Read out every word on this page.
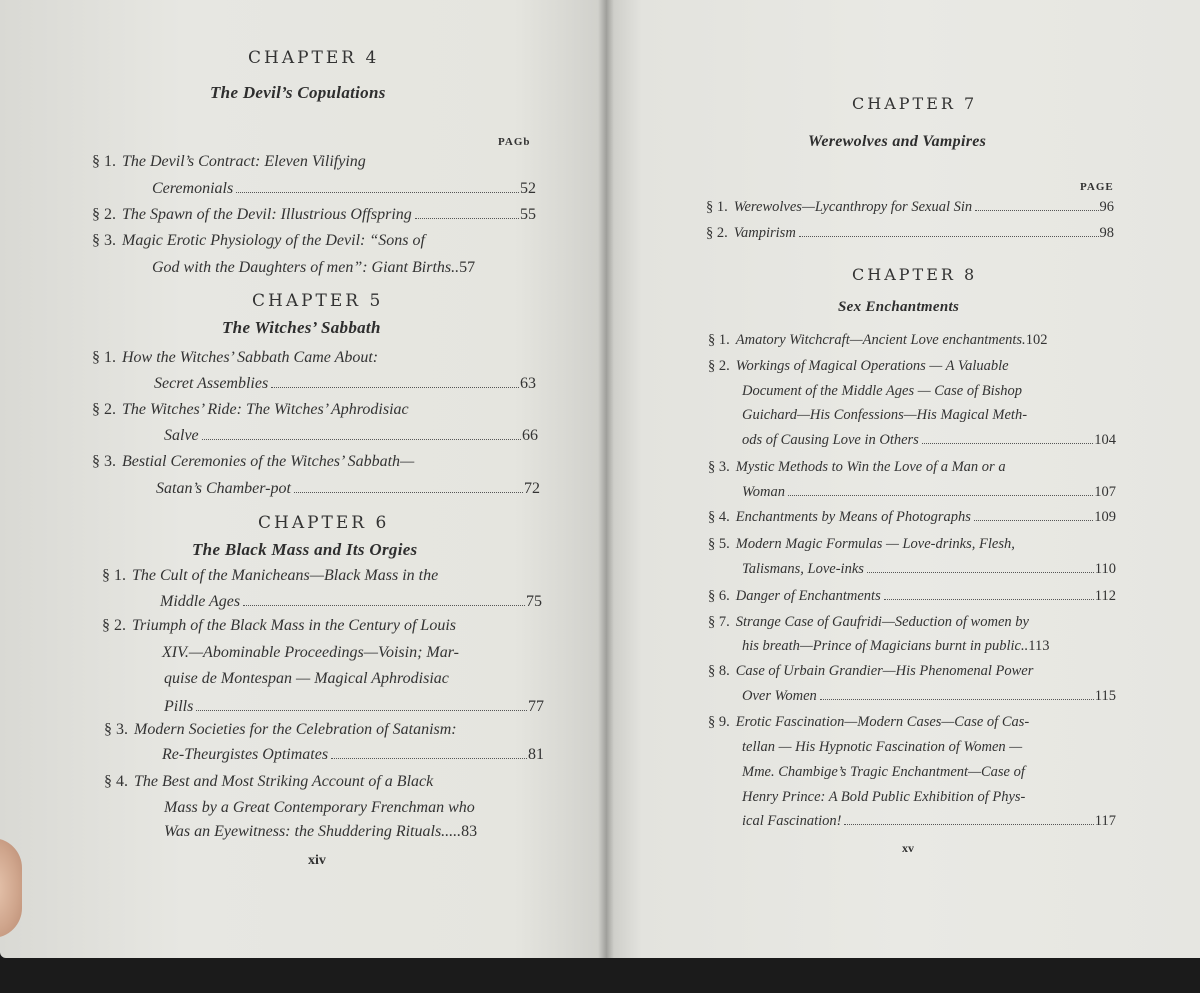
CHAPTER 4
The Devil’s Copulations
PAGb
§ 1. The Devil’s Contract: Eleven Vilifying
Ceremonials	52
§ 2. The Spawn of the Devil: Illustrious Offspring	55
§ 3. Magic Erotic Physiology of the Devil: “Sons of
God with the Daughters of men”: Giant Births.. 57
CHAPTER 5
The Witches’ Sabbath
§ 1. How the Witches’ Sabbath Came About:
Secret Assemblies	63
§ 2. The Witches’ Ride: The Witches’ Aphrodisiac
Salve	66
§ 3. Bestial Ceremonies of the Witches’ Sabbath—
Satan’s Chamber-pot	72
CHAPTER 6
The Black Mass and Its Orgies
§ 1. The Cult of the Manicheans—Black Mass in the
Middle Ages	75
§ 2. Triumph of the Black Mass in the Century of Louis
XIV.—Abominable Proceedings—Voisin; Mar-
quise de Montespan — Magical Aphrodisiac
Pills	77
§ 3. Modern Societies for the Celebration of Satanism:
Re-Theurgistes Optimates	81
§ 4. The Best and Most Striking Account of a Black
Mass by a Great Contemporary Frenchman who
Was an Eyewitness: the Shuddering Rituals..... 83
xiv
CHAPTER 7
Werewolves and Vampires
PAGE
§ 1. Werewolves—Lycanthropy for Sexual Sin	96
§ 2. Vampirism	98
CHAPTER 8
Sex Enchantments
§ 1. Amatory Witchcraft—Ancient Love enchantments. 102
§ 2. Workings of Magical Operations — A Valuable
Document of the Middle Ages — Case of Bishop
Guichard—His Confessions—His Magical Meth-
ods of Causing Love in Others	104
§ 3. Mystic Methods to Win the Love of a Man or a
Woman	107
§ 4. Enchantments by Means of Photographs	109
§ 5. Modern Magic Formulas — Love-drinks, Flesh,
Talismans, Love-inks	110
§ 6. Danger of Enchantments	112
§ 7. Strange Case of Gaufridi—Seduction of women by
his breath—Prince of Magicians burnt in public.. 113
§ 8. Case of Urbain Grandier—His Phenomenal Power
Over Women	115
§ 9. Erotic Fascination—Modern Cases—Case of Cas-
tellan — His Hypnotic Fascination of Women —
Mme. Chambige’s Tragic Enchantment—Case of
Henry Prince: A Bold Public Exhibition of Phys-
ical Fascination!	117
xv
